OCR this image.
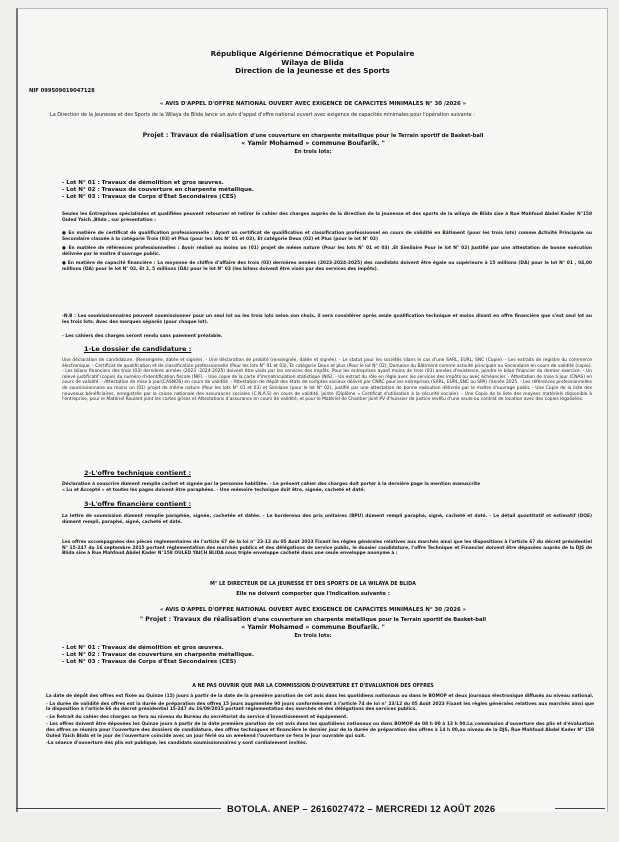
République Algérienne Démocratique et Populaire
Wilaya de Blida
Direction de la Jeunesse et des Sports
NIF 099509019047128
« AVIS D'APPEL D'OFFRE NATIONAL OUVERT AVEC EXIGENCE DE CAPACITES MINIMALES N° 30 /2026 »
La Direction de la Jeunesse et des Sports de la Wilaya de Blida lance un avis d'appel d'offre national ouvert avec exigence de capacités minimales pour l'opération suivante :
Projet : Travaux de réalisation d'une couverture en charpente métallique pour le Terrain sportif de Basket-ball
« Yamir Mohamed » commune Boufarik. "
En trois lots:
- Lot N° 01 : Travaux de démolition et gros œuvres.
- Lot N° 02 : Travaux de couverture en charpente métallique.
- Lot N° 03 : Travaux de Corps d'État Secondaires (CES)
Seules les Entreprises spécialisées et qualifiées peuvent retourner et retirer le cahier des charges auprès de la direction de la jeunesse et des sports de la wilaya de Blida sise à Rue Mahfoud Abdel Kader N°158 Ouled Yaich ,Blida , sur présentation :
● En matière de certificat de qualification professionnelle : Ayant un certificat de qualification et classification professionnel en cours de validité en Bâtiment (pour les trois lots) comme Activité Principale ou Secondaire classée à la catégorie Trois (03) et Plus (pour les lots N° 01 et 03), Et catégorie Deux (02) et Plus (pour le lot N° 02)
● En matière de références professionnelles : Avoir réalisé au moins un (01) projet de même nature (Pour les lots N° 01 et 03) ,Et Similaire Pour le lot N° 02) Justifié par une attestation de bonne exécution délivrée par le maître d'ouvrage public.
● En matière de capacité financière : La moyenne de chiffre d'affaire des trois (03) dernières années (2023-2024-2025) des candidats doivent être égale ou supérieure à 15 millions (DA) pour le lot N° 01 , 04,00 millions (DA) pour le lot N° 02, Et 2, 5 millions (DA) pour le lot N° 03 (les bilans doivent être visés par des services des impôts).
-N.B : Les soumissionnaires peuvent soumissionner pour un seul lot ou les trois lots selon son choix, il sera considérer après seule qualification technique et moins disant en offre financière que s'est seul lot au les trois lots. Avec des marques séparés (pour chaque lot).
- Les cahiers des charges seront rendu sans paiement préalable.
1-Le dossier de candidature :
Une déclaration de candidature. (Renseignée, datée et signée). - Une déclaration de probité (renseignée, datée et signée). - Le statut pour les sociétés (dans le cas d'une SARL, EURL, SNC (Copie). - Les extraits de registre du commerce électronique. - Certificat de qualification et de classification professionnelle (Pour les lots N° 01 et 03), Et catégorie Deux et plus (Pour le lot N° 02), Domaine du Bâtiment comme activité principale ou Secondaire en cours de validité (copie). - Les bilans financiers des trois (03) dernières années (2023 -2024-2025) doivent être visés par les services des impôts. Pour les entreprises ayant moins de trois (03) années d'existence, joindre le bilan financier du dernier exercice. - Un relevé justificatif (copie) du numéro d'identification fiscale (NIF). - Une copie de la carte d'immatriculation statistique (NIS). - Un extrait du rôle en règle avec les services des impôts ou avec échéancier. - Attestation de mise à jour (CNAS) en cours de validité. - Attestation de mise à jour(CASNOS) en cours de validité. - Attestation de dépôt des états de comptes sociaux délivré par CNRC pour les entreprises (SARL, EURL,SNC ou SPA) l'année 2025. - Les références professionnelles de soumissionnaire au moins un (01) projet de même nature (Pour les lots N° 01 et 03) et Similaire (pour le lot N° 02), justifié par une attestation de bonne exécution délivrée par le maître d'ouvrage public - Une Copie de la liste des nouveaux bénéficiaires, enregistrée par la caisse nationale des assurances sociales (C.N.A.S) en cours de validité, jointe (Diplôme « Certificat d'utilisation à la sécurité sociale). - Une Copie de la liste des moyens matériels disponible à l'entreprise, pour le Matériel Roulant joint les cartes grises et Attestations d'assurance en cours de validité, et pour le Matériel de Chantier joint PV d'huissier de justice revêtu d'une seule ou contrat de location avec des copies légalisées.
2-L'offre technique contient :
Déclaration à souscrire dûment remplie cachet et signée par la personne habilitée. - Le présent cahier des charges doit porter à la dernière page la mention manuscrite
« Lu et Accepté » et toutes les pages doivent être paraphées. - Une mémoire technique doit être, signée, cacheté et daté.
3-L'offre financière contient :
La lettre de soumission dûment remplie paraphée, signée, cachetée et datée. - Le bordereau des prix unitaires (BPU) dûment rempli paraphé, signé, cacheté et daté. - Le détail quantitatif et estimatif (DQE) dûment rempli, paraphé, signé, cacheté et daté.
Les offres accompagnées des pièces réglementaires de l'article 67 de la loi n° 23-12 du 05 Août 2023 Fixant les règles générales relatives aux marchés ainsi que les dispositions à l'article 67 du décret présidentiel N° 15-247 du 16 septembre 2015 portant réglementation des marchés publics et des délégations de service public, le dossier candidature, l'offre Technique et Financier doivent être déposées auprès de la DJS de Blida sise à Rue Mahfoud Abdel Kader N°158 OULED YAICH BLIDA sous triple enveloppe cacheté dans une seule enveloppe anonyme à :
M° LE DIRECTEUR DE LA JEUNESSE ET DES SPORTS DE LA WILAYA DE BLIDA
Elle ne doivent comporter que l'indication suivante :
« AVIS D'APPEL D'OFFRE NATIONAL OUVERT AVEC EXIGENCE DE CAPACITES MINIMALES N° 30 /2026 »
" Projet : Travaux de réalisation d'une couverture en charpente métallique pour le Terrain sportif de Basket-ball
« Yamir Mohamed » commune Boufarik. "
En trois lots:
- Lot N° 01 : Travaux de démolition et gros œuvres.
- Lot N° 02 : Travaux de couverture en charpente métallique.
- Lot N° 03 : Travaux de Corps d'État Secondaires (CES)
A NE PAS OUVRIR QUE PAR LA COMMISSION D'OUVERTURE ET D'EVALUATION DES OFFRES
La date de dépôt des offres est fixée au Quinze (15) jours à partir de la date de la première parution de cet avis dans les quotidiens nationaux ou dans le BOMOP et deux journaux électronique diffusés au niveau national.
- La durée de validité des offres est la durée de préparation des offres 15 jours augmentée 90 jours conformément à l'article 74 de loi n° 23/12 du 05 Août 2023 Fixant les règles générales relatives aux marchés ainsi que la disposition à l'article 66 du décret présidentiel 15-247 du 16/09/2015 portant réglementation des marchés et des délégations des services publics.
- Le Retrait du cahier des charges se fera au niveau du Bureau du secrétariat du service d'investissement et équipement.
- Les offres doivent être déposées les Quinze jours à partir de la date première parution de cet avis dans les quotidiens nationaux ou dans BOMOP de 08 h 00 à 13 h 00.La commission d'ouverture des plis et d'évaluation des offres se réunira pour l'ouverture des dossiers de candidature, des offres techniques et financière le dernier jour de la durée de préparation des offres à 14 h 00,au niveau de la DJS, Rue Mahfoud Abdel Kader N° 158 Ouled Yaich Blida et le jour de l'ouverture coïncide avec un jour férié ou un weekend l'ouverture se fera le jour ouvrable qui suit.
-La séance d'ouverture des plis est publique, les candidats soumissionnaires y sont cordialement invités.
BOTOLA. ANEP – 2616027472 – MERCREDI 12 AOÛT 2026
